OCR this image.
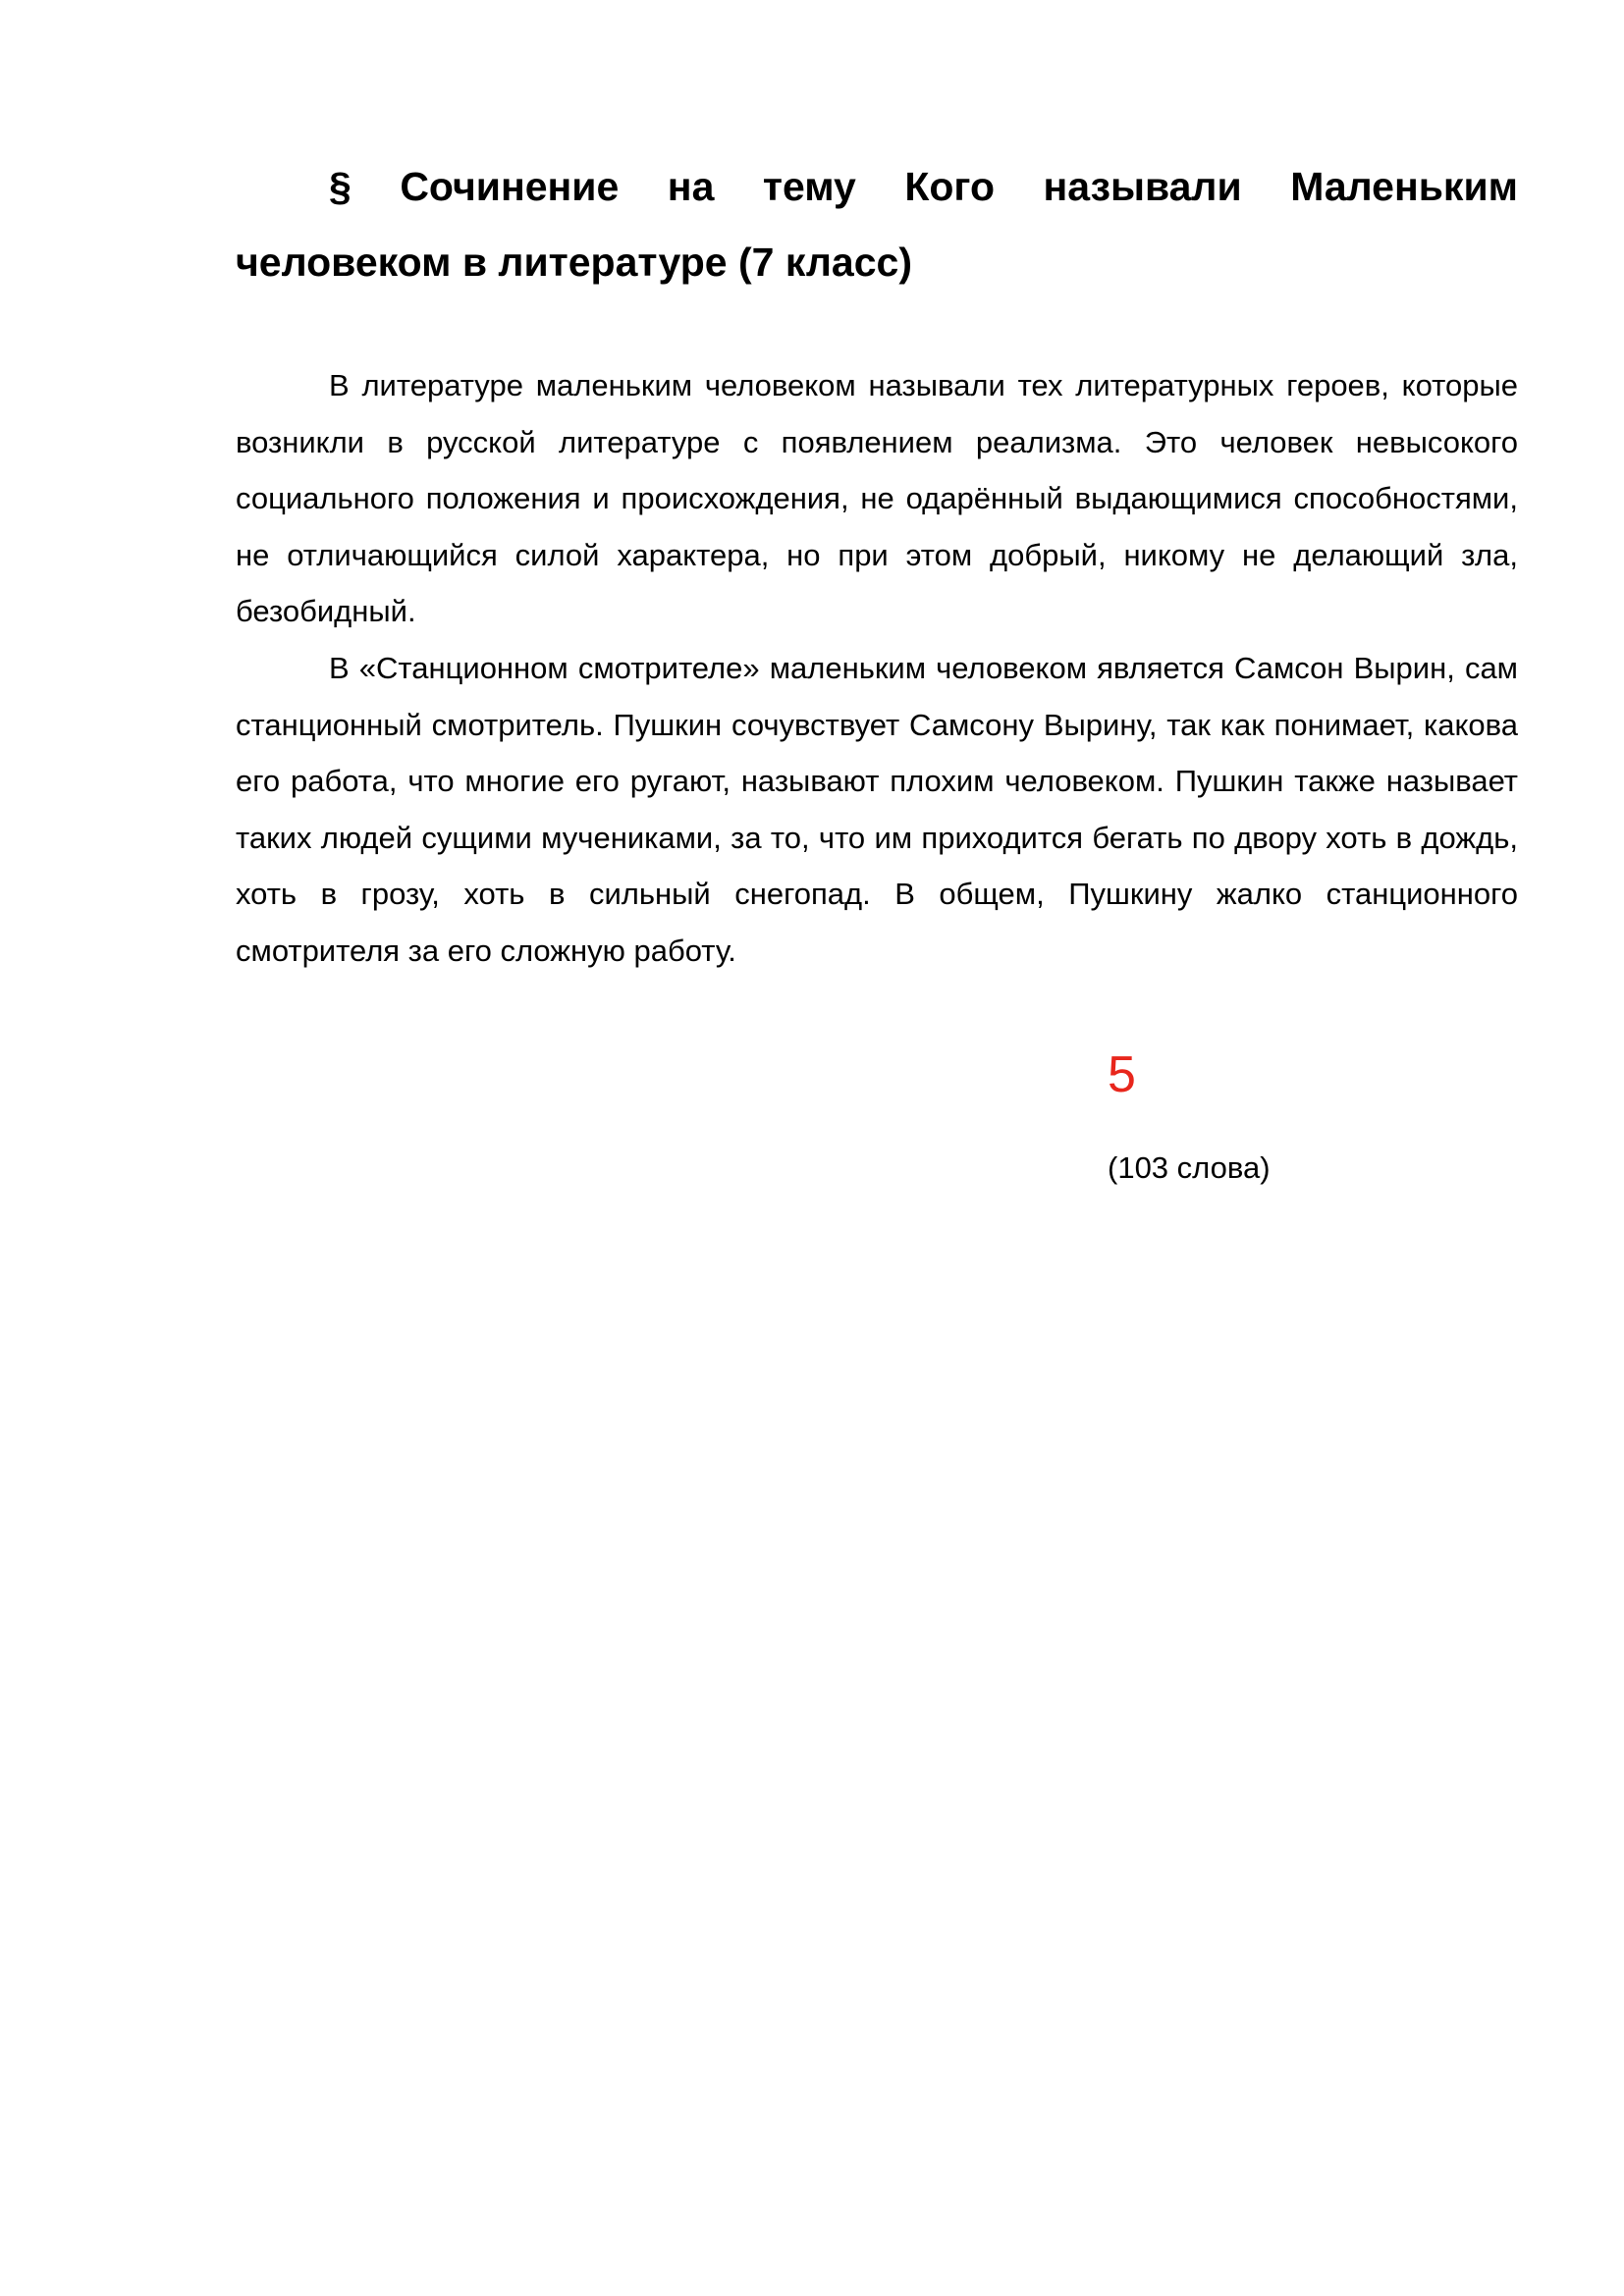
§ Сочинение на тему Кого называли Маленьким человеком в литературе (7 класс)

В литературе маленьким человеком называли тех литературных героев, которые возникли в русской литературе с появлением реализма. Это человек невысокого социального положения и происхождения, не одарённый выдающимися способностями, не отличающийся силой характера, но при этом добрый, никому не делающий зла, безобидный.

В «Станционном смотрителе» маленьким человеком является Самсон Вырин, сам станционный смотритель. Пушкин сочувствует Самсону Вырину, так как понимает, какова его работа, что многие его ругают, называют плохим человеком. Пушкин также называет таких людей сущими мучениками, за то, что им приходится бегать по двору хоть в дождь, хоть в грозу, хоть в сильный снегопад. В общем, Пушкину жалко станционного смотрителя за его сложную работу.

5

(103 слова)
